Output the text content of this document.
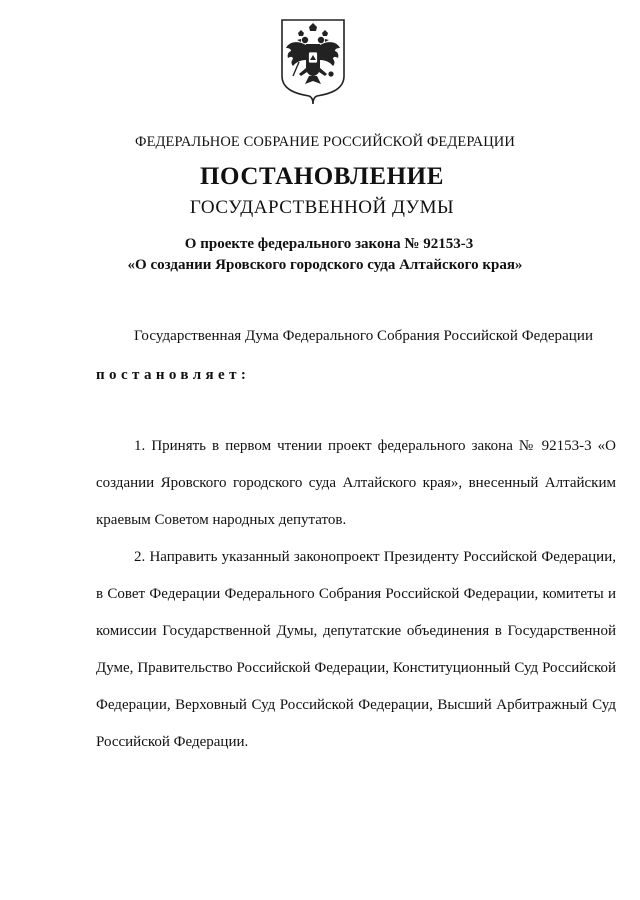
ФЕДЕРАЛЬНОЕ СОБРАНИЕ РОССИЙСКОЙ ФЕДЕРАЦИИ
ПОСТАНОВЛЕНИЕ
ГОСУДАРСТВЕННОЙ ДУМЫ
О проекте федерального закона № 92153-3
«О создании Яровского городского суда Алтайского края»
Государственная Дума Федерального Собрания Российской Федерации
постановляет:
1. Принять в первом чтении проект федерального закона № 92153-3 «О создании Яровского городского суда Алтайского края», внесенный Алтайским краевым Советом народных депутатов.
2. Направить указанный законопроект Президенту Российской Федерации, в Совет Федерации Федерального Собрания Российской Федерации, комитеты и комиссии Государственной Думы, депутатские объединения в Государственной Думе, Правительство Российской Федерации, Конституционный Суд Российской Федерации, Верховный Суд Российской Федерации, Высший Арбитражный Суд Российской Федерации.
